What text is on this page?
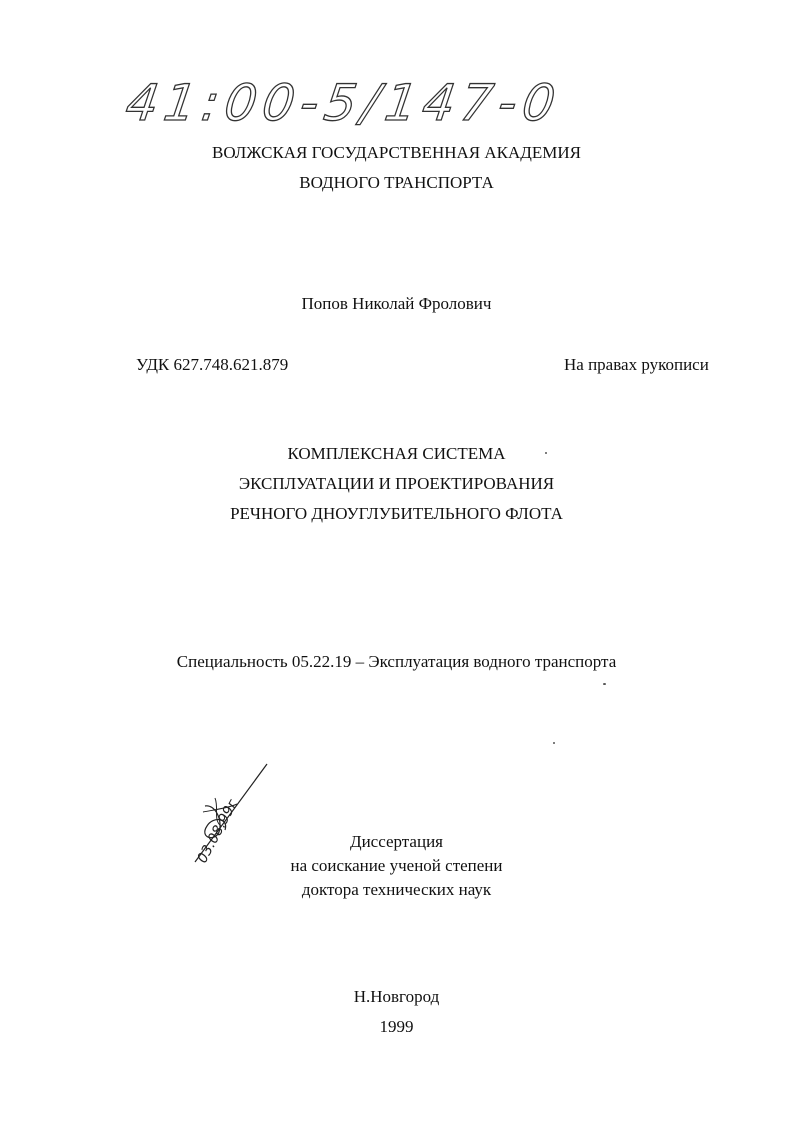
41:00-5/147-0
ВОЛЖСКАЯ ГОСУДАРСТВЕННАЯ АКАДЕМИЯ
ВОДНОГО ТРАНСПОРТА
Попов Николай Фролович
УДК 627.748.621.879	На правах рукописи
КОМПЛЕКСНАЯ СИСТЕМА
ЭКСПЛУАТАЦИИ И ПРОЕКТИРОВАНИЯ
РЕЧНОГО ДНОУГЛУБИТЕЛЬНОГО ФЛОТА
Специальность 05.22.19 – Эксплуатация водного транспорта
03.08.99г	Диссертация
на соискание ученой степени
доктора технических наук
Н.Новгород
1999
